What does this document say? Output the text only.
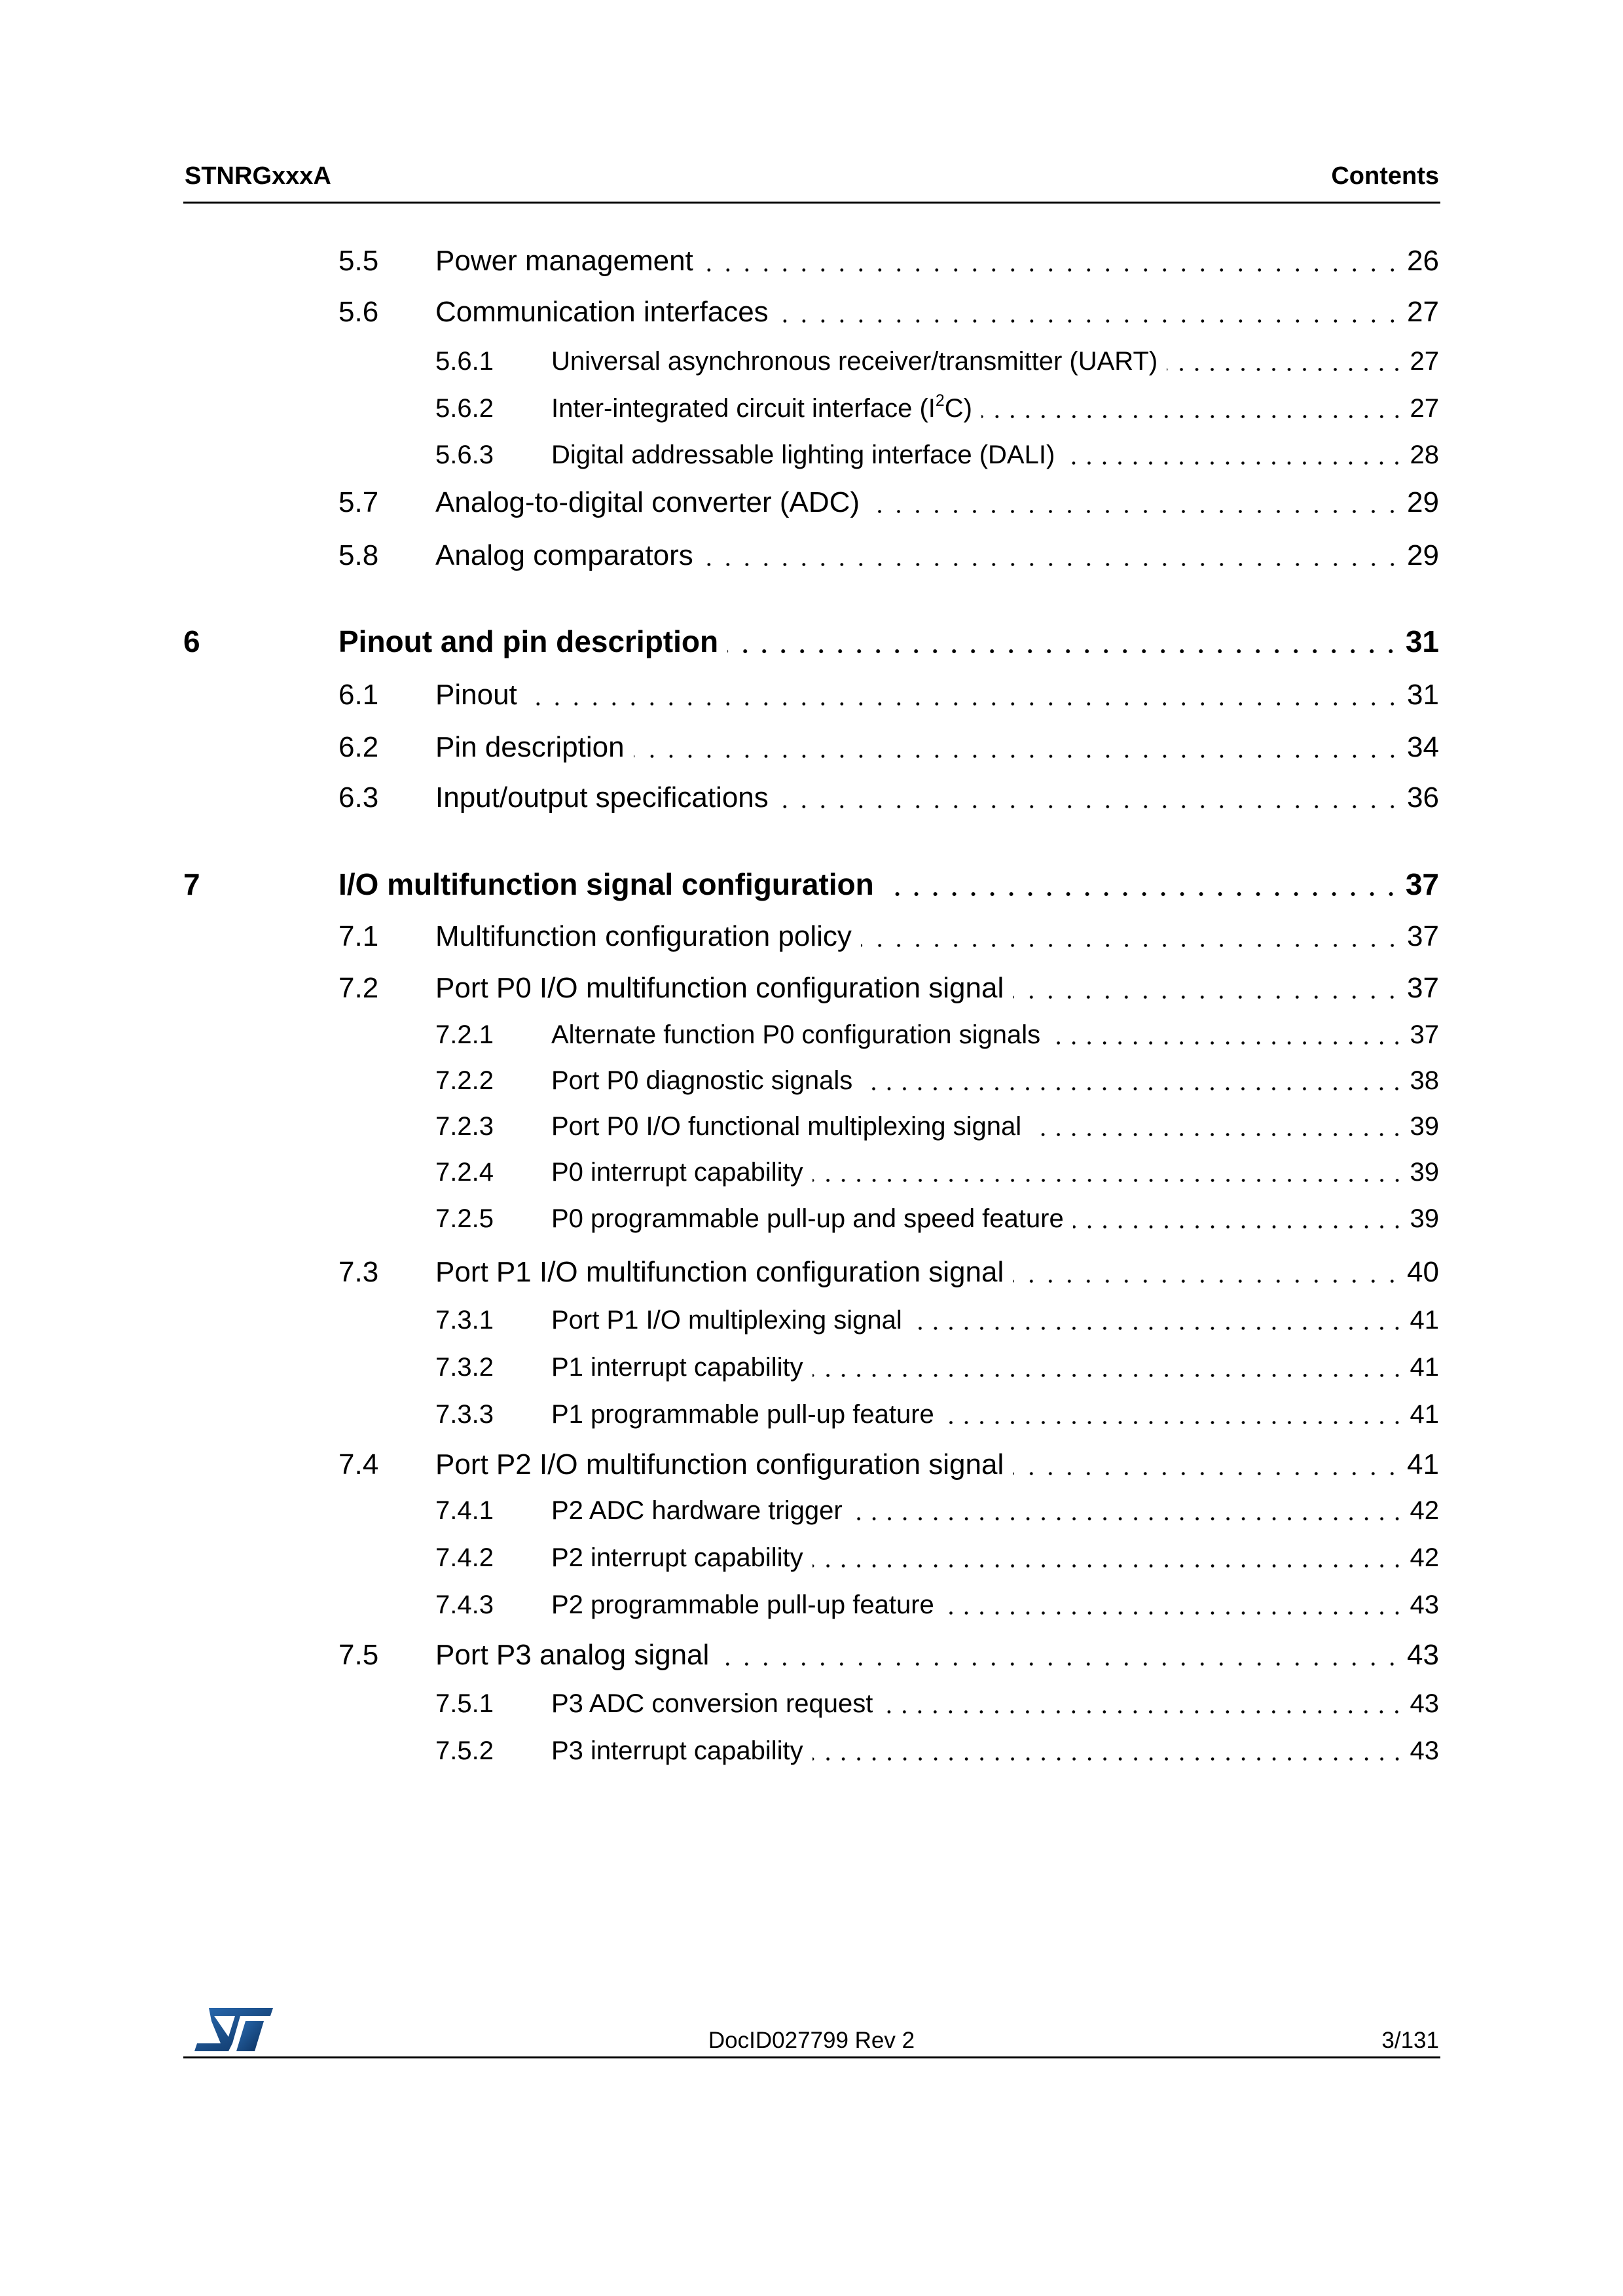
STNRGxxxA	Contents
5.5 Power management	26
5.6 Communication interfaces	27
5.6.1 Universal asynchronous receiver/transmitter (UART)	27
5.6.2 Inter-integrated circuit interface $(I^2C)$	27
5.6.3 Digital addressable lighting interface (DALI)	28
5.7 Analog-to-digital converter (ADC)	29
5.8 Analog comparators	29
6	Pinout and pin description	31
6.1 Pinout	31
6.2 Pin description	34
6.3 Input/output specifications	36
7	I/O multifunction signal configuration	37
7.1 Multifunction configuration policy	37
7.2 Port P0 I/O multifunction configuration signal	37
7.2.1 Alternate function P0 configuration signals	37
7.2.2 Port P0 diagnostic signals	38
7.2.3 Port P0 I/O functional multiplexing signal	39
7.2.4 P0 interrupt capability	39
7.2.5 P0 programmable pull-up and speed feature	39
7.3 Port P1 I/O multifunction configuration signal	40
7.3.1 Port P1 I/O multiplexing signal	41
7.3.2 P1 interrupt capability	41
7.3.3 P1 programmable pull-up feature	41
7.4 Port P2 I/O multifunction configuration signal	41
7.4.1 P2 ADC hardware trigger	42
7.4.2 P2 interrupt capability	42
7.4.3 P2 programmable pull-up feature	43
7.5 Port P3 analog signal	43
7.5.1 P3 ADC conversion request	43
7.5.2 P3 interrupt capability	43
DocID027799 Rev 2	3/131
